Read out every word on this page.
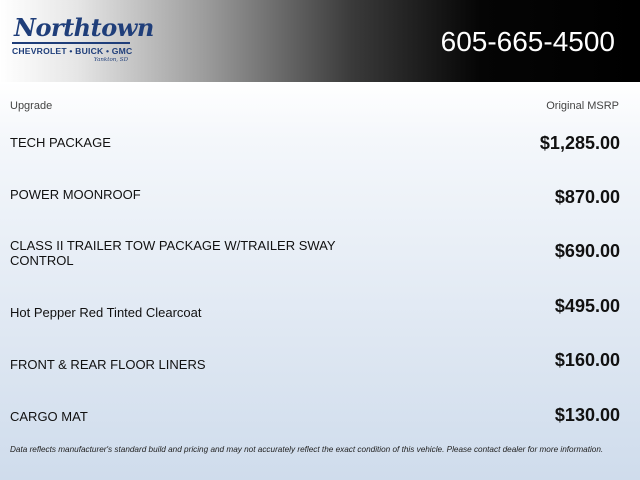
Northtown
CHEVROLET • BUICK • GMC
Yankton, SD
605-665-4500
Upgrade	Original MSRP
TECH PACKAGE	$1,285.00
POWER MOONROOF	$870.00
CLASS II TRAILER TOW PACKAGE W/TRAILER SWAY CONTROL	$690.00
Hot Pepper Red Tinted Clearcoat	$495.00
FRONT & REAR FLOOR LINERS	$160.00
CARGO MAT	$130.00
Data reflects manufacturer's standard build and pricing and may not accurately reflect the exact condition of this vehicle. Please contact dealer for more information.
